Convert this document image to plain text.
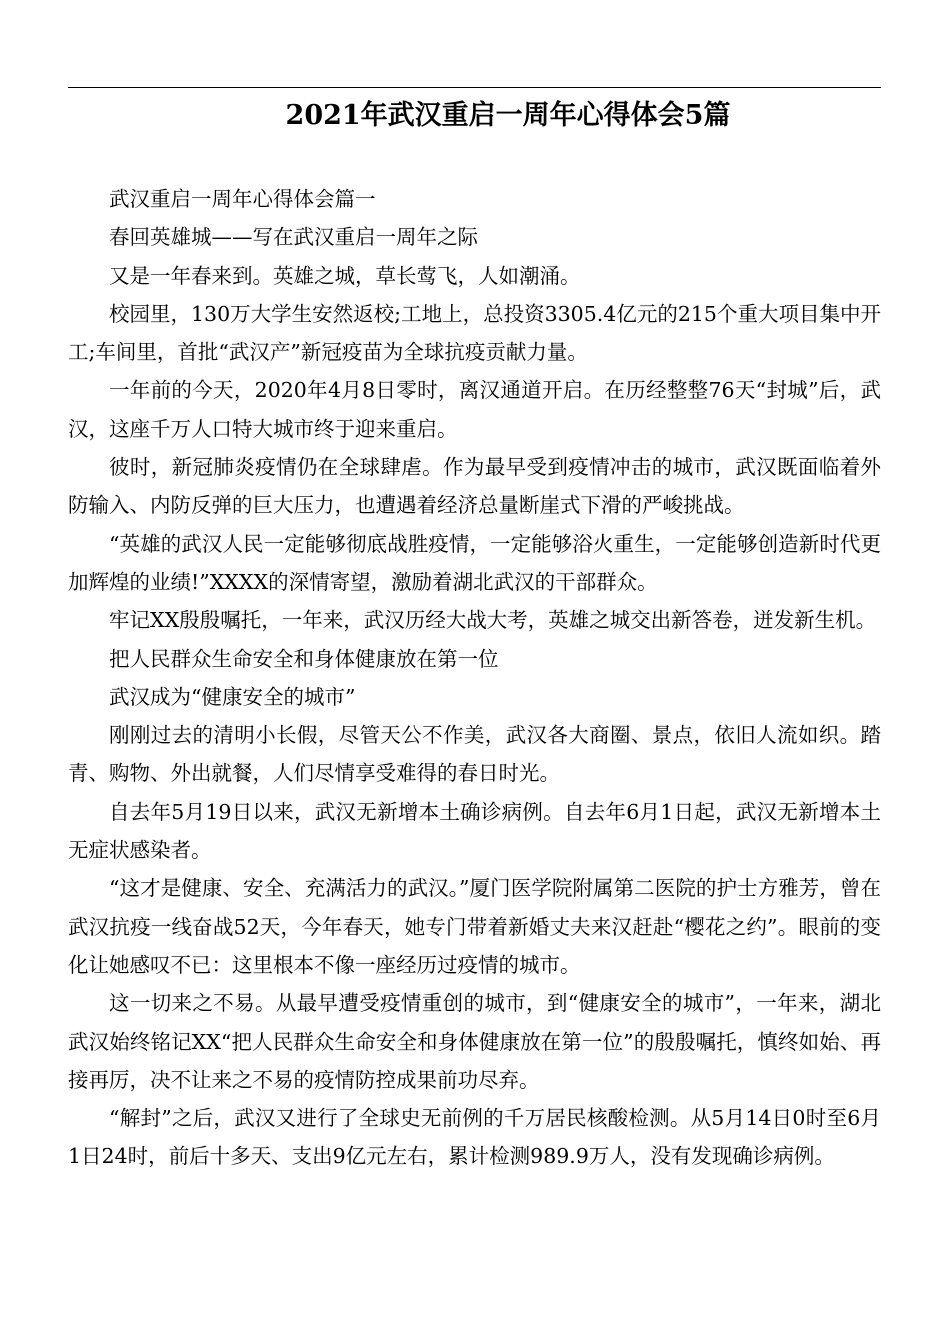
2021年武汉重启一周年心得体会5篇

武汉重启一周年心得体会篇一

春回英雄城——写在武汉重启一周年之际

又是一年春来到。英雄之城，草长莺飞，人如潮涌。

校园里，130万大学生安然返校;工地上，总投资3305.4亿元的215个重大项目集中开工;车间里，首批“武汉产”新冠疫苗为全球抗疫贡献力量。

一年前的今天，2020年4月8日零时，离汉通道开启。在历经整整76天“封城”后，武汉，这座千万人口特大城市终于迎来重启。

彼时，新冠肺炎疫情仍在全球肆虐。作为最早受到疫情冲击的城市，武汉既面临着外防输入、内防反弹的巨大压力，也遭遇着经济总量断崖式下滑的严峻挑战。

“英雄的武汉人民一定能够彻底战胜疫情，一定能够浴火重生，一定能够创造新时代更加辉煌的业绩!”XXXX的深情寄望，激励着湖北武汉的干部群众。

牢记XX殷殷嘱托，一年来，武汉历经大战大考，英雄之城交出新答卷，迸发新生机。

把人民群众生命安全和身体健康放在第一位

武汉成为“健康安全的城市”

刚刚过去的清明小长假，尽管天公不作美，武汉各大商圈、景点，依旧人流如织。踏青、购物、外出就餐，人们尽情享受难得的春日时光。

自去年5月19日以来，武汉无新增本土确诊病例。自去年6月1日起，武汉无新增本土无症状感染者。

“这才是健康、安全、充满活力的武汉。”厦门医学院附属第二医院的护士方雅芳，曾在武汉抗疫一线奋战52天，今年春天，她专门带着新婚丈夫来汉赶赴“樱花之约”。眼前的变化让她感叹不已：这里根本不像一座经历过疫情的城市。

这一切来之不易。从最早遭受疫情重创的城市，到“健康安全的城市”，一年来，湖北武汉始终铭记XX“把人民群众生命安全和身体健康放在第一位”的殷殷嘱托，慎终如始、再接再厉，决不让来之不易的疫情防控成果前功尽弃。

“解封”之后，武汉又进行了全球史无前例的千万居民核酸检测。从5月14日0时至6月1日24时，前后十多天、支出9亿元左右，累计检测989.9万人，没有发现确诊病例。
